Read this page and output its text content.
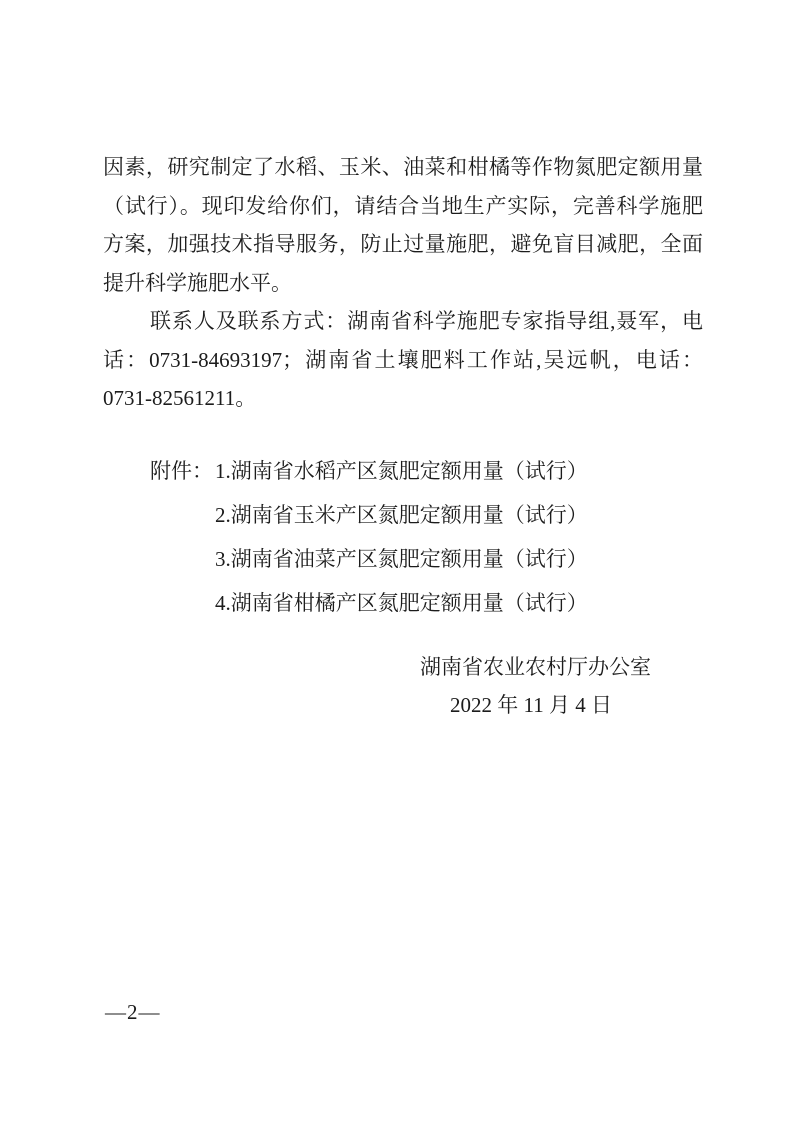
因素，研究制定了水稻、玉米、油菜和柑橘等作物氮肥定额用量
（试行）。现印发给你们，请结合当地生产实际，完善科学施肥
方案，加强技术指导服务，防止过量施肥，避免盲目减肥，全面
提升科学施肥水平。
联系人及联系方式：湖南省科学施肥专家指导组,聂军，电
话：0731-84693197；湖南省土壤肥料工作站,吴远帆，电话：
0731-82561211。
附件：1.湖南省水稻产区氮肥定额用量（试行）
2.湖南省玉米产区氮肥定额用量（试行）
3.湖南省油菜产区氮肥定额用量（试行）
4.湖南省柑橘产区氮肥定额用量（试行）
湖南省农业农村厅办公室
2022 年 11 月 4 日
—2—
